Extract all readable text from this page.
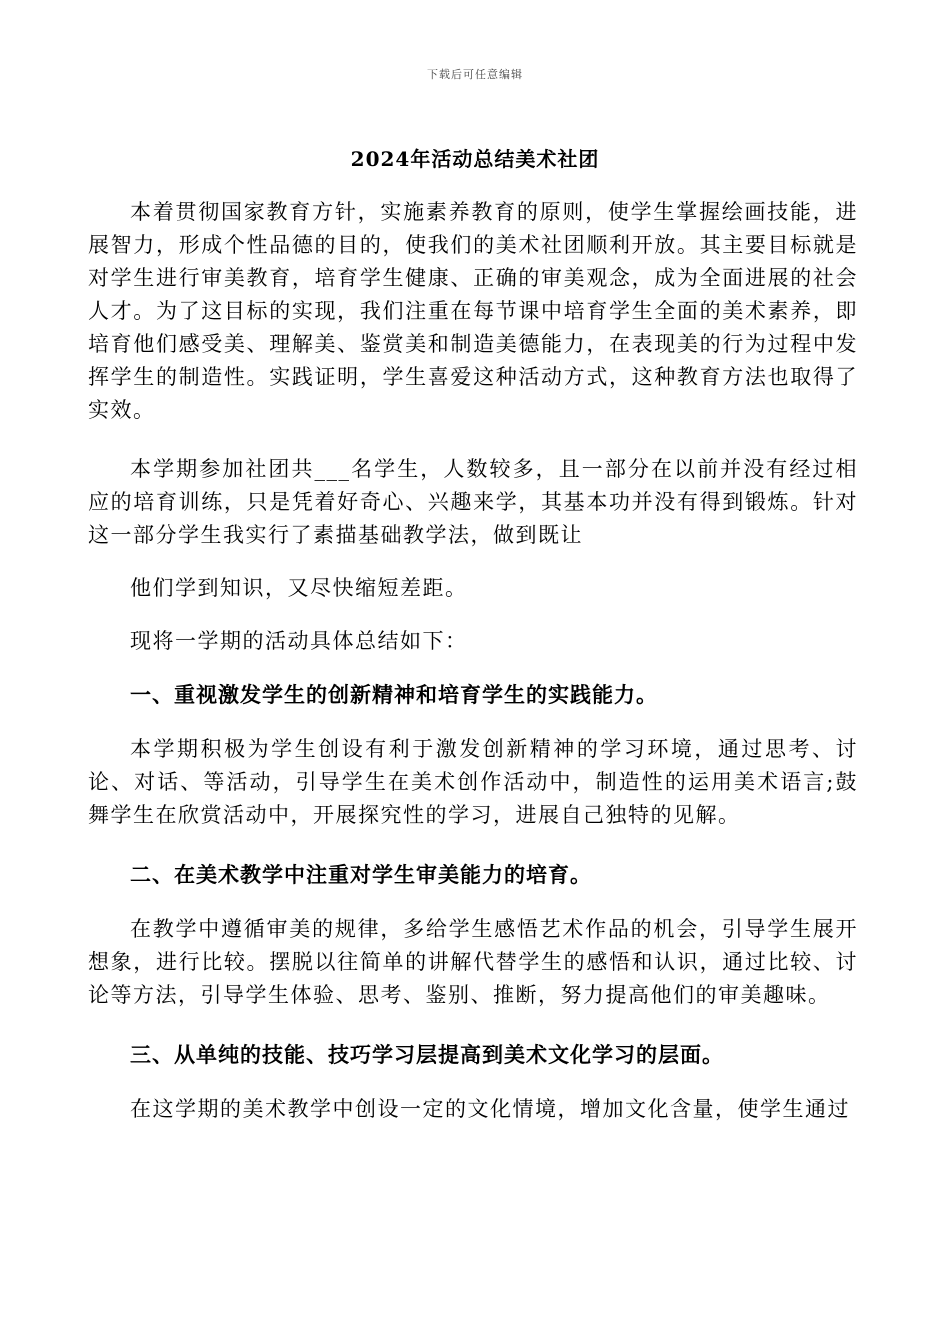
下载后可任意编辑
2024年活动总结美术社团

本着贯彻国家教育方针，实施素养教育的原则，使学生掌握绘画技能，进展智力，形成个性品德的目的，使我们的美术社团顺利开放。其主要目标就是对学生进行审美教育，培育学生健康、正确的审美观念，成为全面进展的社会人才。为了这目标的实现，我们注重在每节课中培育学生全面的美术素养，即培育他们感受美、理解美、鉴赏美和制造美德能力，在表现美的行为过程中发挥学生的制造性。实践证明，学生喜爱这种活动方式，这种教育方法也取得了实效。

本学期参加社团共___名学生，人数较多，且一部分在以前并没有经过相应的培育训练，只是凭着好奇心、兴趣来学，其基本功并没有得到锻炼。针对这一部分学生我实行了素描基础教学法，做到既让

他们学到知识，又尽快缩短差距。

现将一学期的活动具体总结如下：

一、重视激发学生的创新精神和培育学生的实践能力。

本学期积极为学生创设有利于激发创新精神的学习环境，通过思考、讨论、对话、等活动，引导学生在美术创作活动中，制造性的运用美术语言;鼓舞学生在欣赏活动中，开展探究性的学习，进展自己独特的见解。

二、在美术教学中注重对学生审美能力的培育。

在教学中遵循审美的规律，多给学生感悟艺术作品的机会，引导学生展开想象，进行比较。摆脱以往简单的讲解代替学生的感悟和认识，通过比较、讨论等方法，引导学生体验、思考、鉴别、推断，努力提高他们的审美趣味。

三、从单纯的技能、技巧学习层提高到美术文化学习的层面。

在这学期的美术教学中创设一定的文化情境，增加文化含量，使学生通过
